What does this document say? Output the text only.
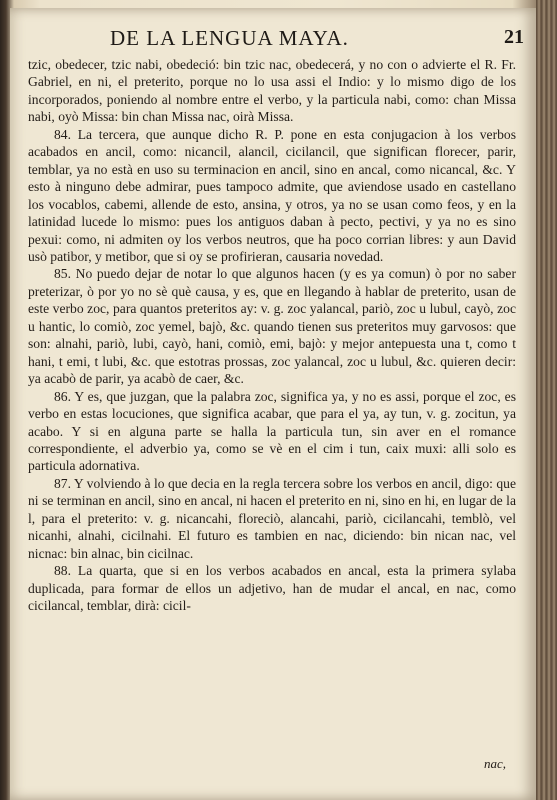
DE LA LENGUA MAYA.	21

tzic, obedecer, tzic nabi, obedeció: bin tzic nac, obedecerá, y no con o advierte el R. Fr. Gabriel, en ni, el preterito, porque no lo usa assi el Indio: y lo mismo digo de los incorporados, poniendo al nombre entre el verbo, y la particula nabi, como: chan Missa nabi, oyò Missa: bin chan Missa nac, oirà Missa.

84. La tercera, que aunque dicho R. P. pone en esta conjugacion à los verbos acabados en ancil, como: nicancil, alancil, cicilancil, que significan florecer, parir, temblar, ya no està en uso su terminacion en ancil, sino en ancal, como nicancal, &c. Y esto à ninguno debe admirar, pues tampoco admite, que aviendose usado en castellano los vocablos, cabemi, allende de esto, ansina, y otros, ya no se usan como feos, y en la latinidad lucede lo mismo: pues los antiguos daban à pecto, pectivi, y ya no es sino pexui: como, ni admiten oy los verbos neutros, que ha poco corrian libres: y aun David usò patibor, y metibor, que si oy se profirieran, causaria novedad.

85. No puedo dejar de notar lo que algunos hacen (y es ya comun) ò por no saber preterizar, ò por yo no sè què causa, y es, que en llegando à hablar de preterito, usan de este verbo zoc, para quantos preteritos ay: v. g. zoc yalancal, pariò, zoc u lubul, cayò, zoc u hantic, lo comiò, zoc yemel, bajò, &c. quando tienen sus preteritos muy garvosos: que son: alnahi, pariò, lubi, cayò, hani, comiò, emi, bajò: y mejor antepuesta una t, como t hani, t emi, t lubi, &c. que estotras prossas, zoc yalancal, zoc u lubul, &c. quieren decir: ya acabò de parir, ya acabò de caer, &c.

86. Y es, que juzgan, que la palabra zoc, significa ya, y no es assi, porque el zoc, es verbo en estas locuciones, que significa acabar, que para el ya, ay tun, v. g. zocitun, ya acabo. Y si en alguna parte se halla la particula tun, sin aver en el romance correspondiente, el adverbio ya, como se vè en el cim i tun, caix muxi: alli solo es particula adornativa.

87. Y volviendo à lo que decia en la regla tercera sobre los verbos en ancil, digo: que ni se terminan en ancil, sino en ancal, ni hacen el preterito en ni, sino en hi, en lugar de la l, para el preterito: v. g. nicancahi, floreciò, alancahi, pariò, cicilancahi, temblò, vel nicanhi, alnahi, cicilnahi. El futuro es tambien en nac, diciendo: bin nican nac, vel nicnac: bin alnac, bin cicilnac.

88. La quarta, que si en los verbos acabados en ancal, esta la primera sylaba duplicada, para formar de ellos un adjetivo, han de mudar el ancal, en nac, como cicilancal, temblar, dirà: cicil-

nac,
